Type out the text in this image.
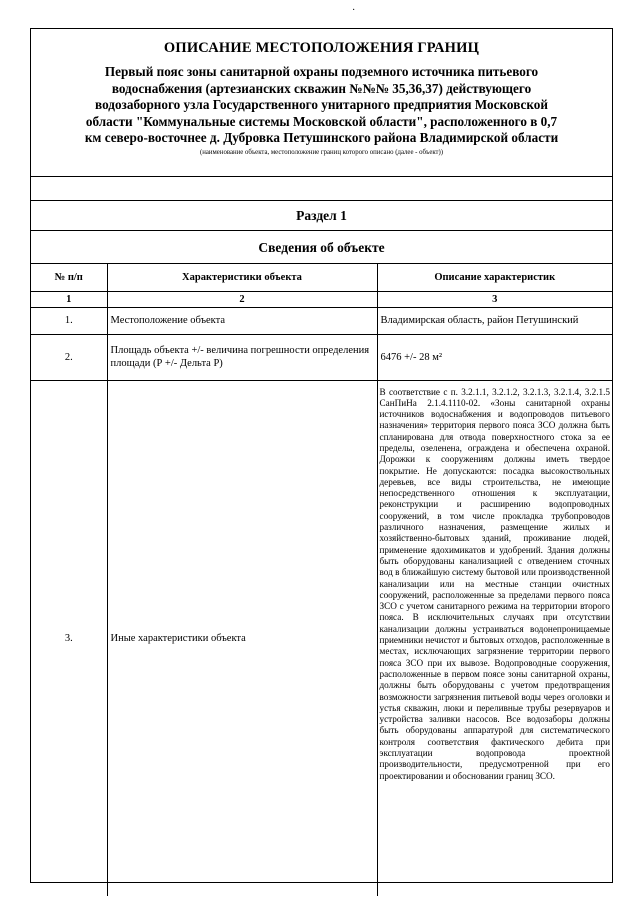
·
ОПИСАНИЕ МЕСТОПОЛОЖЕНИЯ ГРАНИЦ
Первый пояс зоны санитарной охраны подземного источника питьевого
водоснабжения (артезианских скважин №№№ 35,36,37) действующего
водозаборного узла Государственного унитарного предприятия Московской
области "Коммунальные системы Московской области", расположенного в 0,7
км северо-восточнее д. Дубровка Петушинского района Владимирской области
(наименование объекта, местоположение границ которого описано (далее - объект))
Раздел 1
Сведения об объекте
№ п/п	Характеристики объекта	Описание характеристик
1	2	3
1.	Местоположение объекта	Владимирская область, район Петушинский
2.	Площадь объекта +/- величина погрешности определения площади (Р +/- Дельта Р)	6476 +/- 28 м²
3.	Иные характеристики объекта	В соответствие с п. 3.2.1.1, 3.2.1.2, 3.2.1.3, 3.2.1.4, 3.2.1.5 СанПиНа 2.1.4.1110-02. «Зоны санитарной охраны источников водоснабжения и водопроводов питьевого назначения» территория первого пояса ЗСО должна быть спланирована для отвода поверхностного стока за ее пределы, озеленена, ограждена и обеспечена охраной. Дорожки к сооружениям должны иметь твердое покрытие. Не допускаются: посадка высокоствольных деревьев, все виды строительства, не имеющие непосредственного отношения к эксплуатации, реконструкции и расширению водопроводных сооружений, в том числе прокладка трубопроводов различного назначения, размещение жилых и хозяйственно-бытовых зданий, проживание людей, применение ядохимикатов и удобрений. Здания должны быть оборудованы канализацией с отведением сточных вод в ближайшую систему бытовой или производственной канализации или на местные станции очистных сооружений, расположенные за пределами первого пояса ЗСО с учетом санитарного режима на территории второго пояса. В исключительных случаях при отсутствии канализации должны устраиваться водонепроницаемые приемники нечистот и бытовых отходов, расположенные в местах, исключающих загрязнение территории первого пояса ЗСО при их вывозе. Водопроводные сооружения, расположенные в первом поясе зоны санитарной охраны, должны быть оборудованы с учетом предотвращения возможности загрязнения питьевой воды через оголовки и устья скважин, люки и переливные трубы резервуаров и устройства заливки насосов. Все водозаборы должны быть оборудованы аппаратурой для систематического контроля соответствия фактического дебита при эксплуатации водопровода проектной производительности, предусмотренной при его проектировании и обосновании границ ЗСО.
